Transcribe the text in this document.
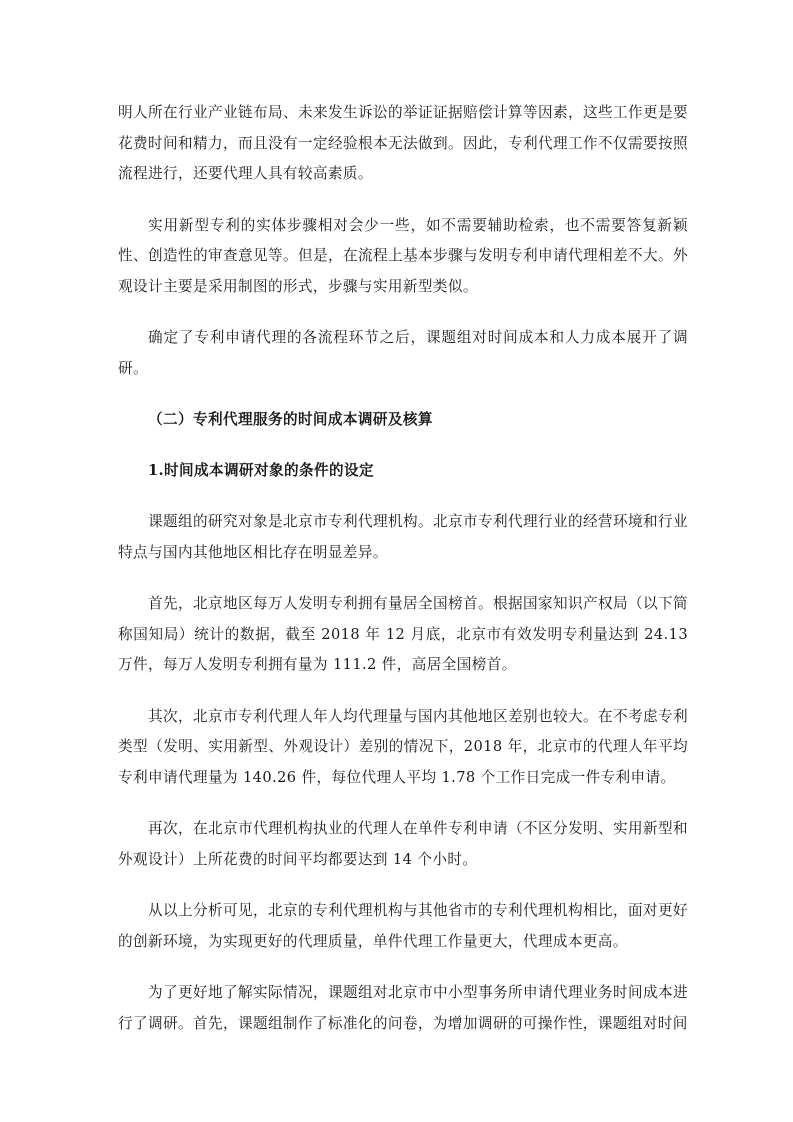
明人所在行业产业链布局、未来发生诉讼的举证证据赔偿计算等因素，这些工作更是要花费时间和精力，而且没有一定经验根本无法做到。因此，专利代理工作不仅需要按照流程进行，还要代理人具有较高素质。

实用新型专利的实体步骤相对会少一些，如不需要辅助检索，也不需要答复新颖性、创造性的审查意见等。但是，在流程上基本步骤与发明专利申请代理相差不大。外观设计主要是采用制图的形式，步骤与实用新型类似。

确定了专利申请代理的各流程环节之后，课题组对时间成本和人力成本展开了调研。

（二）专利代理服务的时间成本调研及核算

1.时间成本调研对象的条件的设定

课题组的研究对象是北京市专利代理机构。北京市专利代理行业的经营环境和行业特点与国内其他地区相比存在明显差异。

首先，北京地区每万人发明专利拥有量居全国榜首。根据国家知识产权局（以下简称国知局）统计的数据，截至 2018 年 12 月底，北京市有效发明专利量达到 24.13 万件，每万人发明专利拥有量为 111.2 件，高居全国榜首。

其次，北京市专利代理人年人均代理量与国内其他地区差别也较大。在不考虑专利类型（发明、实用新型、外观设计）差别的情况下，2018 年，北京市的代理人年平均专利申请代理量为 140.26 件，每位代理人平均 1.78 个工作日完成一件专利申请。

再次，在北京市代理机构执业的代理人在单件专利申请（不区分发明、实用新型和外观设计）上所花费的时间平均都要达到 14 个小时。

从以上分析可见，北京的专利代理机构与其他省市的专利代理机构相比，面对更好的创新环境，为实现更好的代理质量，单件代理工作量更大，代理成本更高。

为了更好地了解实际情况，课题组对北京市中小型事务所申请代理业务时间成本进行了调研。首先，课题组制作了标准化的问卷，为增加调研的可操作性，课题组对时间
